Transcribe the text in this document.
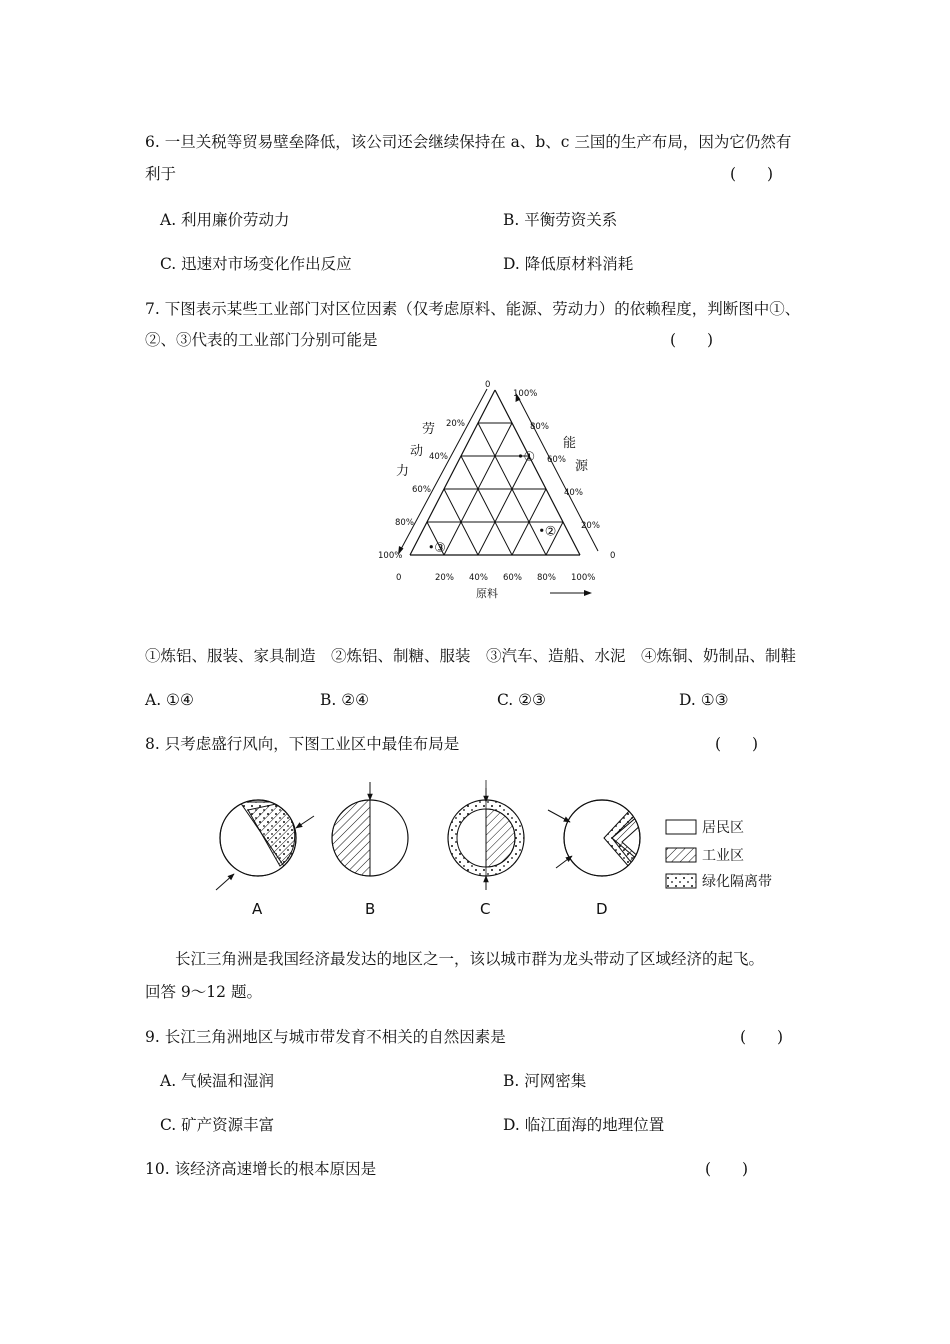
6. 一旦关税等贸易壁垒降低，该公司还会继续保持在 a、b、c 三国的生产布局，因为它仍然有
利于	(　　)
A. 利用廉价劳动力	B. 平衡劳资关系
C. 迅速对市场变化作出反应	D. 降低原材料消耗
7. 下图表示某些工业部门对区位因素（仅考虑原料、能源、劳动力）的依赖程度，判断图中①、
②、③代表的工业部门分别可能是	(　　)
0	20% 40% 60% 80% 100%
0
20%
40%
60%
80%
100%
100%
80%
60%
40%
20%
0
①
②
③
劳
动
力
能
源
原料
①炼铝、服装、家具制造　②炼铝、制糖、服装　③汽车、造船、水泥　④炼铜、奶制品、制鞋
A. ①④	B. ②④	C. ②③	D. ①③
8. 只考虑盛行风向，下图工业区中最佳布局是	(　　)
A	B	C	D
居民区
工业区
绿化隔离带
长江三角洲是我国经济最发达的地区之一，该以城市群为龙头带动了区域经济的起飞。
回答 9～12 题。
9. 长江三角洲地区与城市带发育不相关的自然因素是	(　　)
A. 气候温和湿润	B. 河网密集
C. 矿产资源丰富	D. 临江面海的地理位置
10. 该经济高速增长的根本原因是	(　　)
